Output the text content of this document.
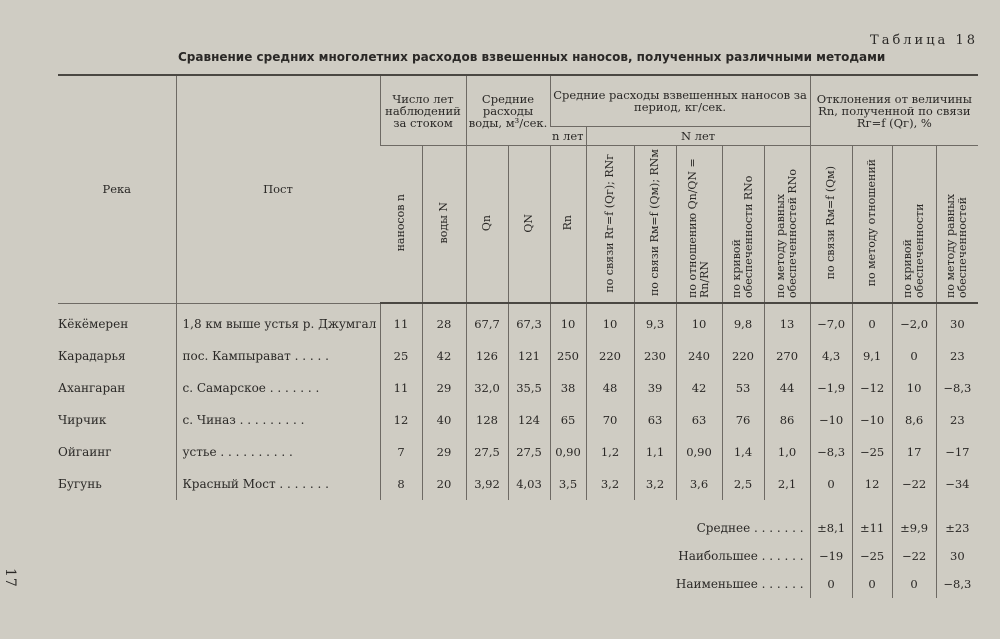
17
Таблица 18
Сравнение средних многолетних расходов взвешенных наносов, полученных различными методами
Река	Пост	Число лет наблюдений за стоком		Средние расходы воды, м³/сек.		Средние расходы взвешенных наносов за период, кг/сек.						Отклонения от величины Rn, полученной по связи Rг=f (Qг), %			
						n лет	N лет								
		наносов n	воды N	Qn	QN	Rn	по связи Rг=f (Qг); RNг	по связи Rм=f (Qм); RNм	по отношению Qn/QN = Rn/RN	по кривой обеспеченности RNо	по методу равных обеспеченностей RNо	по связи Rм=f (Qм)	по методу отношений	по кривой обеспеченности	по методу равных обеспеченностей
Кёкёмерен	1,8 км выше устья р. Джумгал	11	28	67,7	67,3	10	10	9,3	10	9,8	13	−7,0	0	−2,0	30
Карадарья	пос. Кампырават . . . . .	25	42	126	121	250	220	230	240	220	270	4,3	9,1	0	23
Ахангаран	с. Самарское . . . . . . .	11	29	32,0	35,5	38	48	39	42	53	44	−1,9	−12	10	−8,3
Чирчик	с. Чиназ . . . . . . . . .	12	40	128	124	65	70	63	63	76	86	−10	−10	8,6	23
Ойгаинг	устье . . . . . . . . . .	7	29	27,5	27,5	0,90	1,2	1,1	0,90	1,4	1,0	−8,3	−25	17	−17
Бугунь	Красный Мост . . . . . . .	8	20	3,92	4,03	3,5	3,2	3,2	3,6	2,5	2,1	0	12	−22	−34
Среднее . . . . . . .												±8,1	±11	±9,9	±23
Наибольшее . . . . . .												−19	−25	−22	30
Наименьшее . . . . . .												0	0	0	−8,3
